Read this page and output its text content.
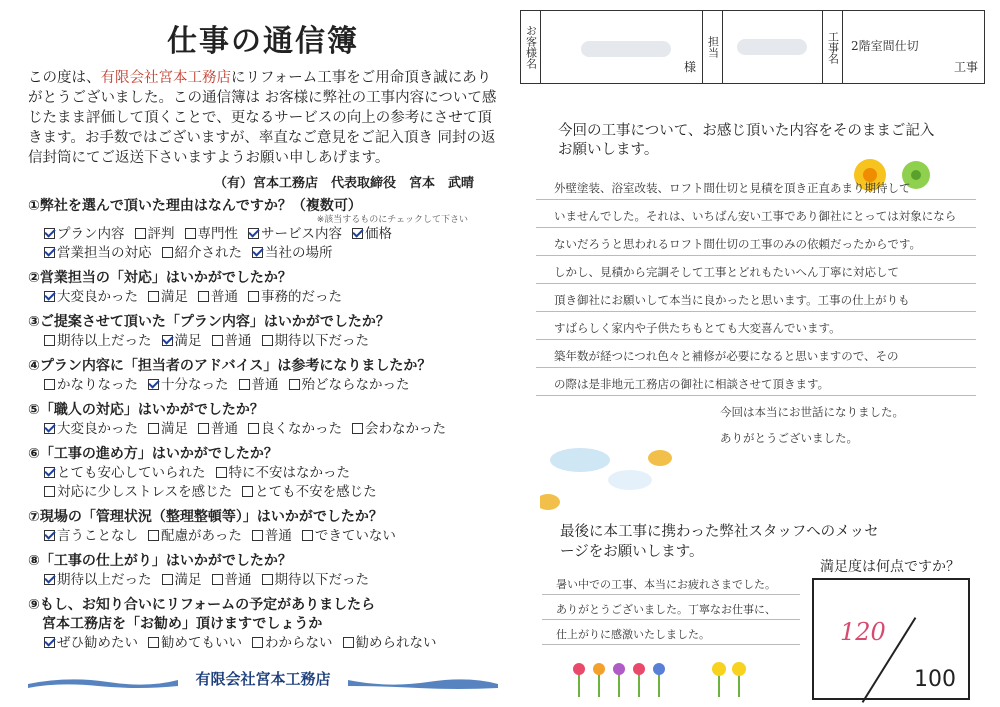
仕事の通信簿
この度は、有限会社宮本工務店にリフォーム工事をご用命頂き誠にありがとうございました。この通信簿は お客様に弊社の工事内容について感じたまま評価して頂くことで、更なるサービスの向上の参考にさせて頂きます。お手数ではございますが、率直なご意見をご記入頂き 同封の返信封筒にてご返送下さいますようお願い申しあげます。
（有）宮本工務店　代表取締役　宮本　武晴
①弊社を選んで頂いた理由はなんですか？（複数可）
※該当するものにチェックして下さい
プラン内容 評判 専門性 サービス内容 価格営業担当の対応 紹介された 当社の場所
②営業担当の「対応」はいかがでしたか？
大変良かった 満足 普通 事務的だった
③ご提案させて頂いた「プラン内容」はいかがでしたか？
期待以上だった 満足 普通 期待以下だった
④プラン内容に「担当者のアドバイス」は参考になりましたか？
かなりなった 十分なった 普通 殆どならなかった
⑤「職人の対応」はいかがでしたか？
大変良かった 満足 普通 良くなかった 会わなかった
⑥「工事の進め方」はいかがでしたか？
とても安心していられた 特に不安はなかった対応に少しストレスを感じた とても不安を感じた
⑦現場の「管理状況（整理整頓等）」はいかがでしたか？
言うことなし 配慮があった 普通 できていない
⑧「工事の仕上がり」はいかがでしたか？
期待以上だった 満足 普通 期待以下だった
⑨もし、お知り合いにリフォームの予定がありましたら
　宮本工務店を「お勧め」頂けますでしょうか
ぜひ勧めたい 勧めてもいい わからない 勧められない
有限会社宮本工務店
お客様名	様
担当	工事名 2階室間仕切
工事
今回の工事について、お感じ頂いた内容をそのままご記入お願いします。
外壁塗装、浴室改装、ロフト間仕切と見積を頂き正直あまり期待して
いませんでした。それは、いちばん安い工事であり御社にとっては対象になら
ないだろうと思われるロフト間仕切の工事のみの依頼だったからです。
しかし、見積から完調そして工事とどれもたいへん丁寧に対応して
頂き御社にお願いして本当に良かったと思います。工事の仕上がりも
すばらしく家内や子供たちもとても大変喜んでいます。
築年数が経つにつれ色々と補修が必要になると思いますので、その
の際は是非地元工務店の御社に相談させて頂きます。
今回は本当にお世話になりました。
ありがとうございました。
最後に本工事に携わった弊社スタッフへのメッセージをお願いします。
暑い中での工事、本当にお疲れさまでした。
ありがとうございました。丁寧なお仕事に、
仕上がりに感激いたしました。
満足度は何点ですか？
120
100
